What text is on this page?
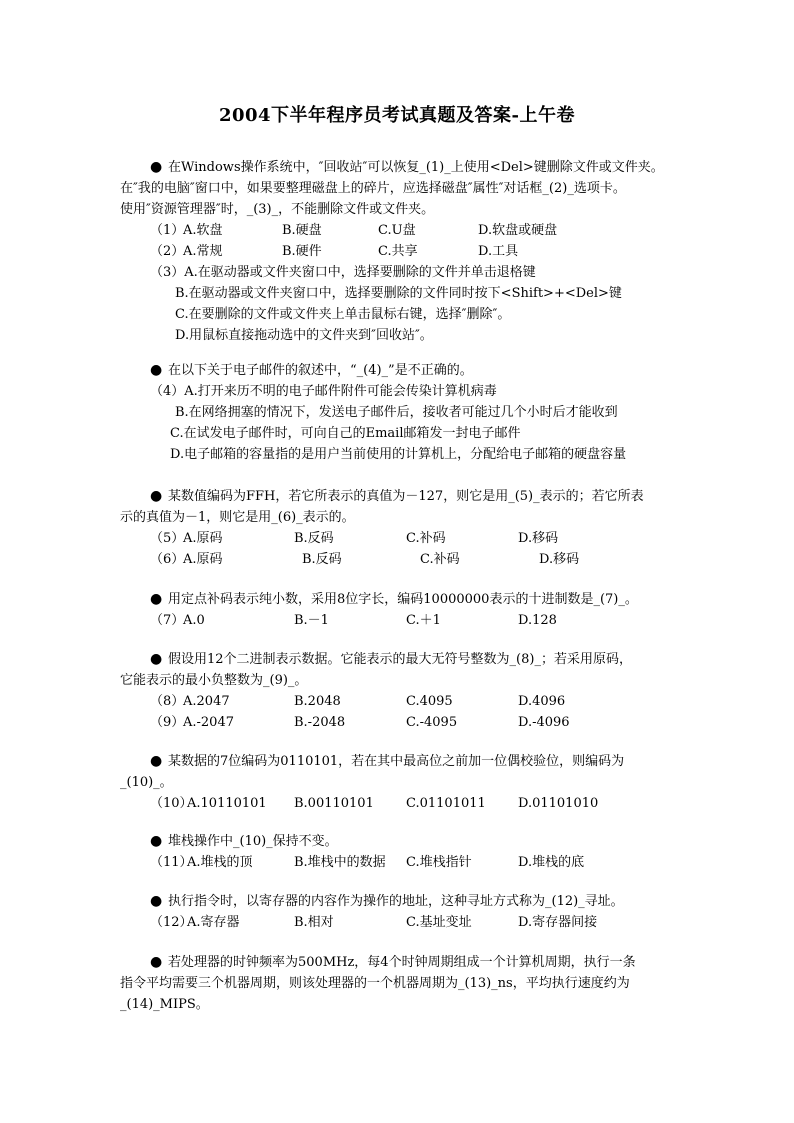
2004下半年程序员考试真题及答案-上午卷
● 在Windows操作系统中，″回收站″可以恢复_(1)_上使用<Del>键删除文件或文件夹。
在″我的电脑″窗口中，如果要整理磁盘上的碎片，应选择磁盘″属性″对话框_(2)_选项卡。
使用″资源管理器″时，_(3)_，不能删除文件或文件夹。
（1）
A.软盘	B.硬盘	C.U盘	D.软盘或硬盘
（2）
A.常规	B.硬件	C.共享	D.工具
（3）A.在驱动器或文件夹窗口中，选择要删除的文件并单击退格键
B.在驱动器或文件夹窗口中，选择要删除的文件同时按下<Shift>+<Del>键
C.在要删除的文件或文件夹上单击鼠标右键，选择″删除″。
D.用鼠标直接拖动选中的文件夹到″回收站″。
● 在以下关于电子邮件的叙述中，“_(4)_”是不正确的。
（4）A.打开来历不明的电子邮件附件可能会传染计算机病毒
B.在网络拥塞的情况下，发送电子邮件后，接收者可能过几个小时后才能收到
C.在试发电子邮件时，可向自己的Email邮箱发一封电子邮件
D.电子邮箱的容量指的是用户当前使用的计算机上，分配给电子邮箱的硬盘容量
● 某数值编码为FFH，若它所表示的真值为－127，则它是用_(5)_表示的；若它所表
示的真值为－1，则它是用_(6)_表示的。
（5）
A.原码	B.反码	C.补码	D.移码
（6）
A.原码	B.反码	C.补码	D.移码
● 用定点补码表示纯小数，采用8位字长，编码10000000表示的十进制数是_(7)_。
（7）
A.0	B.－1	C.＋1	D.128
● 假设用12个二进制表示数据。它能表示的最大无符号整数为_(8)_；若采用原码，
它能表示的最小负整数为_(9)_。
（8）
A.2047	B.2048	C.4095	D.4096
（9）
A.-2047	B.-2048	C.-4095	D.-4096
● 某数据的7位编码为0110101，若在其中最高位之前加一位偶校验位，则编码为
_(10)_。
（10）
A.10110101 B.00110101 C.01101011 D.01101010
● 堆栈操作中_(10)_保持不变。
（11）
A.堆栈的顶	B.堆栈中的数据 C.堆栈指针	D.堆栈的底
● 执行指令时，以寄存器的内容作为操作的地址，这种寻址方式称为_(12)_寻址。
（12）
A.寄存器	B.相对	C.基址变址	D.寄存器间接
● 若处理器的时钟频率为500MHz，每4个时钟周期组成一个计算机周期，执行一条
指令平均需要三个机器周期，则该处理器的一个机器周期为_(13)_ns，平均执行速度约为
_(14)_MIPS。
